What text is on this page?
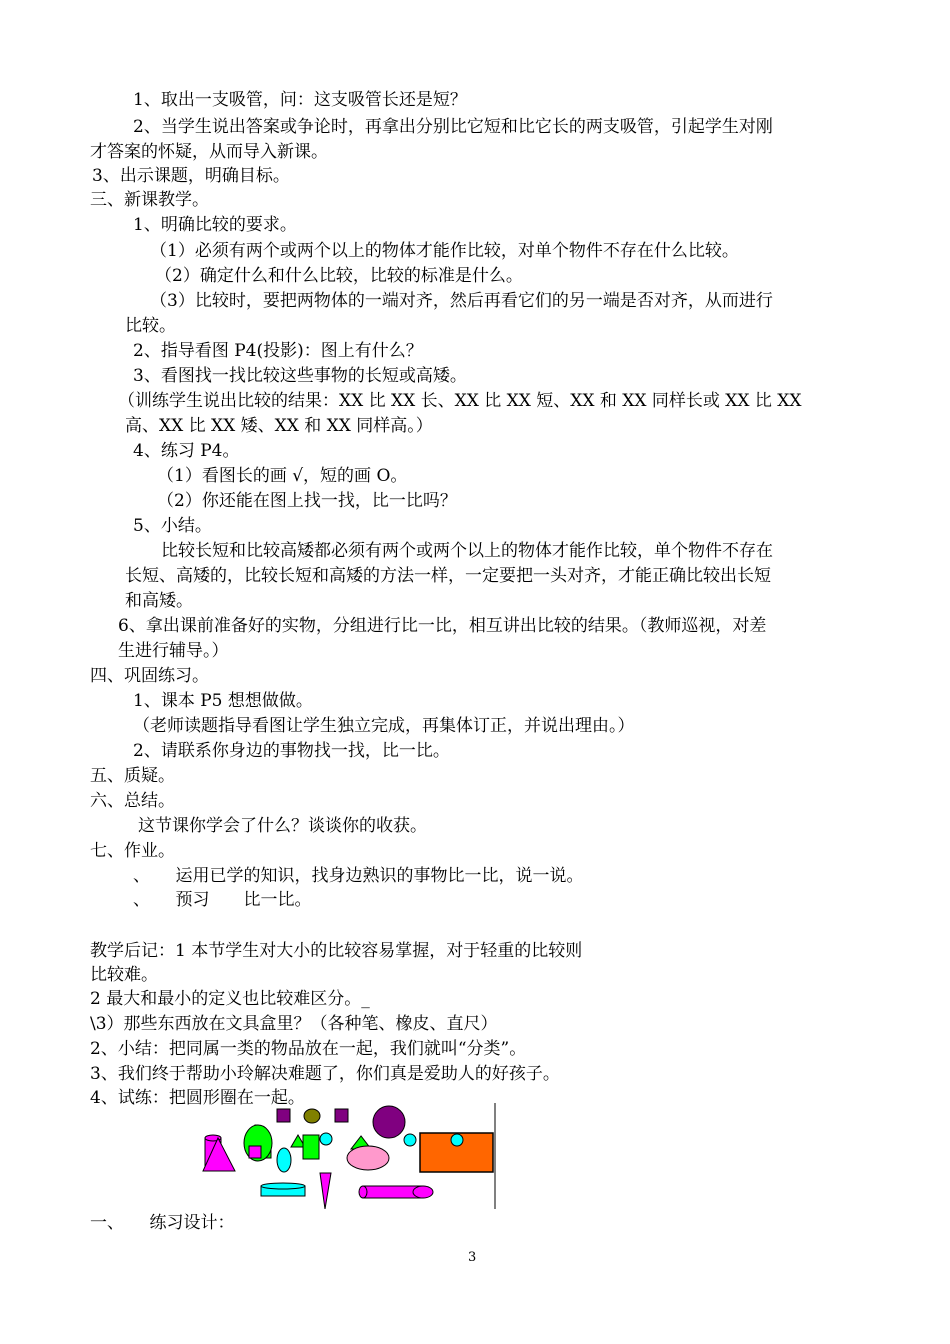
1、取出一支吸管，问：这支吸管长还是短？
2、当学生说出答案或争论时，再拿出分别比它短和比它长的两支吸管，引起学生对刚
才答案的怀疑，从而导入新课。
3、出示课题，明确目标。
三、新课教学。
1、明确比较的要求。
（1）必须有两个或两个以上的物体才能作比较，对单个物件不存在什么比较。
（2）确定什么和什么比较，比较的标准是什么。
（3）比较时，要把两物体的一端对齐，然后再看它们的另一端是否对齐，从而进行
比较。
2、指导看图 P4(投影)：图上有什么？
3、看图找一找比较这些事物的长短或高矮。
（训练学生说出比较的结果：XX 比 XX 长、XX 比 XX 短、XX 和 XX 同样长或 XX 比 XX
高、XX 比 XX 矮、XX 和 XX 同样高。）
4、练习 P4。
（1）看图长的画 √，短的画 O。
（2）你还能在图上找一找，比一比吗？
5、小结。
比较长短和比较高矮都必须有两个或两个以上的物体才能作比较，单个物件不存在
长短、高矮的，比较长短和高矮的方法一样，一定要把一头对齐，才能正确比较出长短
和高矮。
6、拿出课前准备好的实物，分组进行比一比，相互讲出比较的结果。（教师巡视，对差
生进行辅导。）
四、巩固练习。
1、课本 P5 想想做做。
（老师读题指导看图让学生独立完成，再集体订正，并说出理由。）
2、请联系你身边的事物找一找，比一比。
五、质疑。
六、总结。
这节课你学会了什么？谈谈你的收获。
七、作业。
、　　运用已学的知识，找身边熟识的事物比一比，说一说。
、　　预习　　比一比。
教学后记：1 本节学生对大小的比较容易掌握，对于轻重的比较则
比较难。
2 最大和最小的定义也比较难区分。_
\3）那些东西放在文具盒里？（各种笔、橡皮、直尺）
2、小结：把同属一类的物品放在一起，我们就叫“分类”。
3、我们终于帮助小玲解决难题了，你们真是爱助人的好孩子。
4、试练：把圆形圈在一起。
一、　　练习设计：
3
